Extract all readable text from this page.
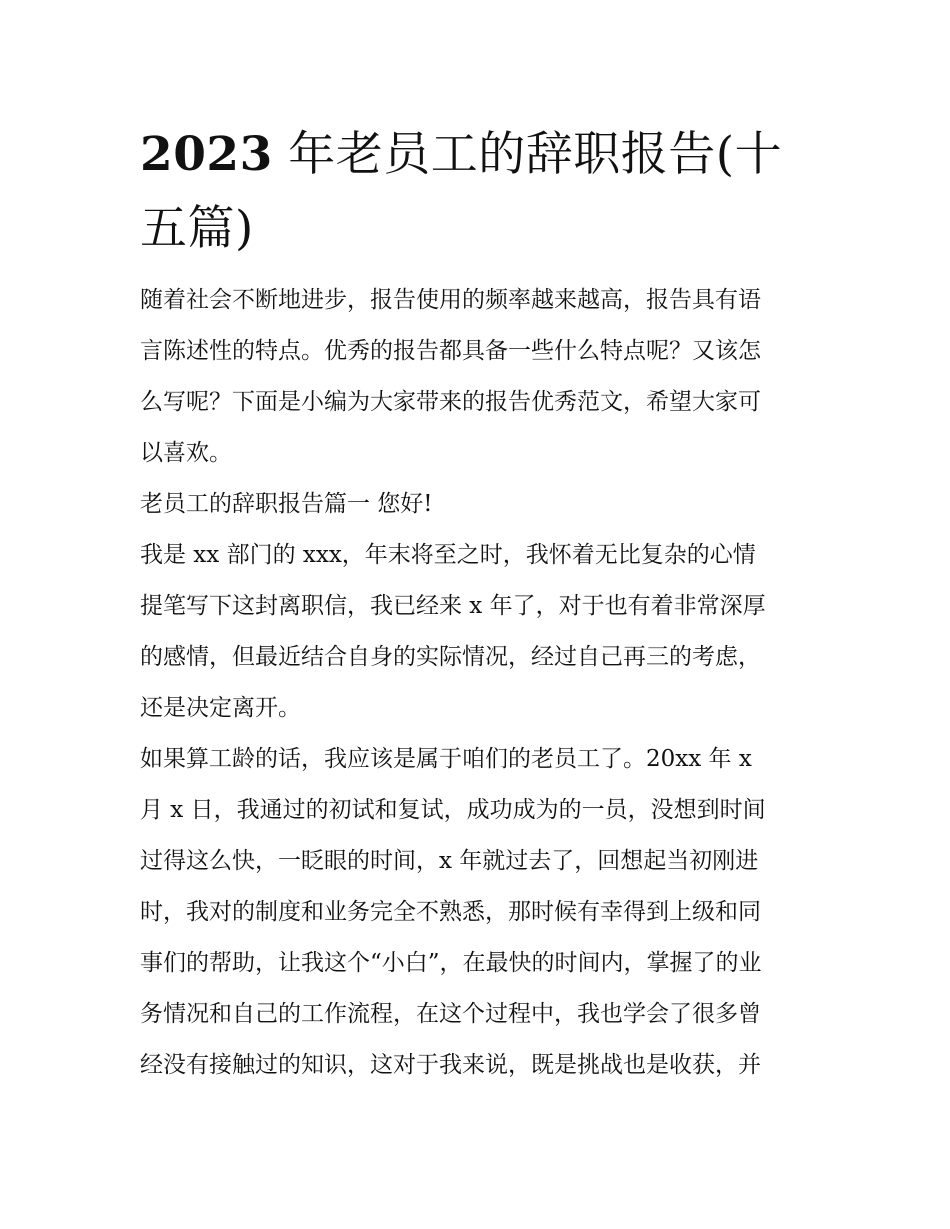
2023 年老员工的辞职报告(十
五篇)

随着社会不断地进步，报告使用的频率越来越高，报告具有语

言陈述性的特点。优秀的报告都具备一些什么特点呢？又该怎

么写呢？下面是小编为大家带来的报告优秀范文，希望大家可

以喜欢。

老员工的辞职报告篇一 您好!

我是 xx 部门的 xxx，年末将至之时，我怀着无比复杂的心情

提笔写下这封离职信，我已经来 x 年了，对于也有着非常深厚

的感情，但最近结合自身的实际情况，经过自己再三的考虑，

还是决定离开。

如果算工龄的话，我应该是属于咱们的老员工了。20xx 年 x

月 x 日，我通过的初试和复试，成功成为的一员，没想到时间

过得这么快，一眨眼的时间，x 年就过去了，回想起当初刚进

时，我对的制度和业务完全不熟悉，那时候有幸得到上级和同

事们的帮助，让我这个“小白”，在最快的时间内，掌握了的业

务情况和自己的工作流程，在这个过程中，我也学会了很多曾

经没有接触过的知识，这对于我来说，既是挑战也是收获，并
